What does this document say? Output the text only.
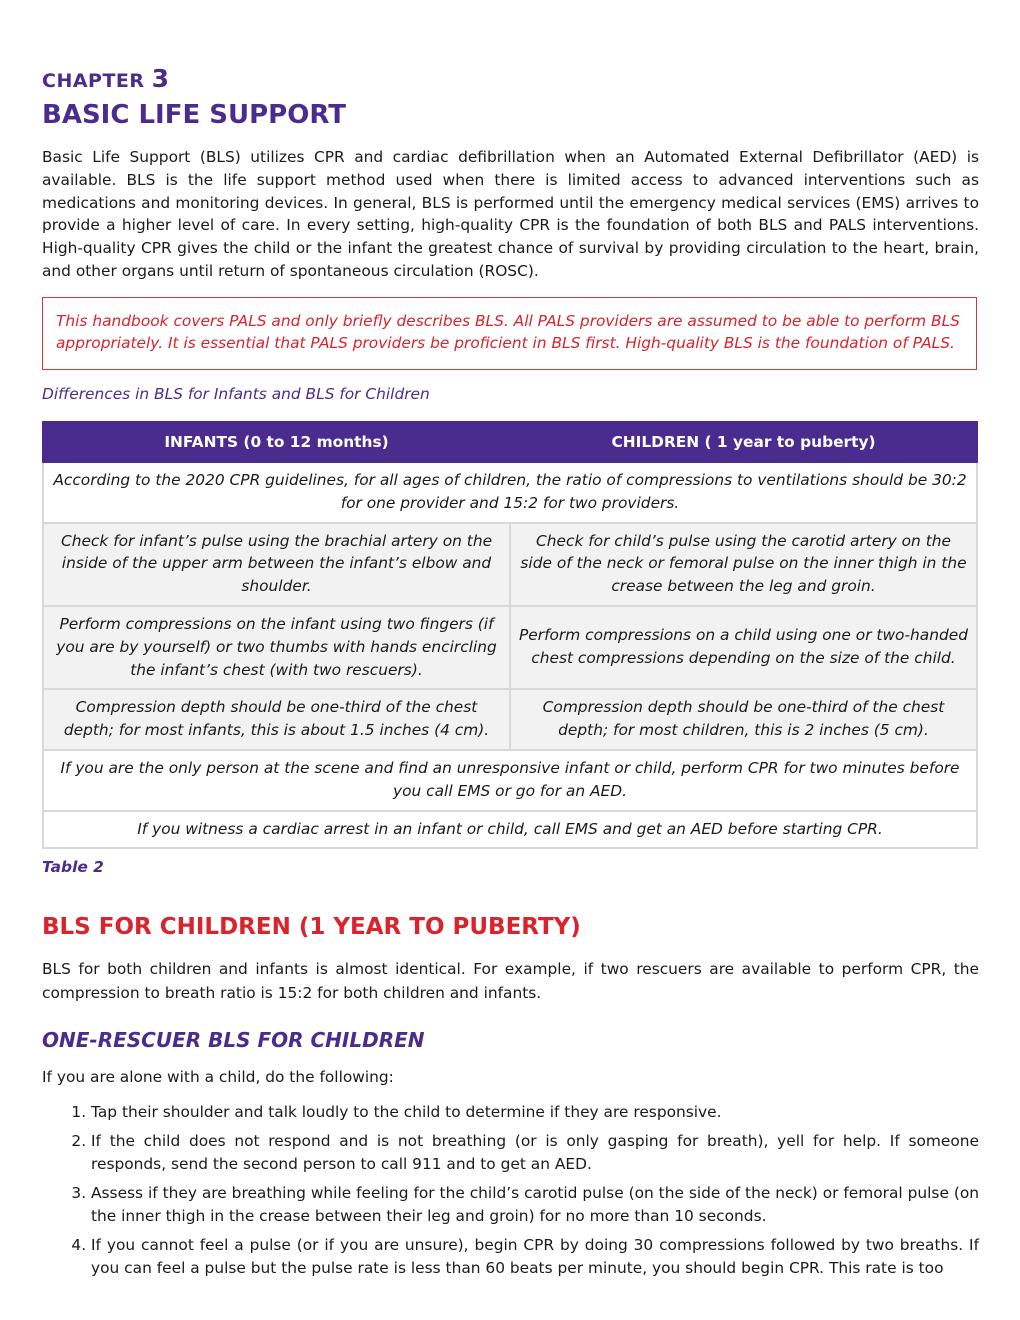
CHAPTER 3
BASIC LIFE SUPPORT

Basic Life Support (BLS) utilizes CPR and cardiac defibrillation when an Automated External Defibrillator (AED) is available. BLS is the life support method used when there is limited access to advanced interventions such as medications and monitoring devices. In general, BLS is performed until the emergency medical services (EMS) arrives to provide a higher level of care. In every setting, high-quality CPR is the foundation of both BLS and PALS interventions. High-quality CPR gives the child or the infant the greatest chance of survival by providing circulation to the heart, brain, and other organs until return of spontaneous circulation (ROSC).

This handbook covers PALS and only briefly describes BLS. All PALS providers are assumed to be able to perform BLS appropriately. It is essential that PALS providers be proficient in BLS first. High-quality BLS is the foundation of PALS.
Differences in BLS for Infants and BLS for Children
INFANTS (0 to 12 months)	CHILDREN ( 1 year to puberty)
According to the 2020 CPR guidelines, for all ages of children, the ratio of compressions to ventilations should be 30:2 for one provider and 15:2 for two providers.	
Check for infant’s pulse using the brachial artery on the inside of the upper arm between the infant’s elbow and shoulder.	Check for child’s pulse using the carotid artery on the side of the neck or femoral pulse on the inner thigh in the crease between the leg and groin.
Perform compressions on the infant using two fingers (if you are by yourself) or two thumbs with hands encircling the infant’s chest (with two rescuers).	Perform compressions on a child using one or two-handed chest compressions depending on the size of the child.
Compression depth should be one-third of the chest depth; for most infants, this is about 1.5 inches (4 cm).	Compression depth should be one-third of the chest depth; for most children, this is 2 inches (5 cm).
If you are the only person at the scene and find an unresponsive infant or child, perform CPR for two minutes before you call EMS or go for an AED.	
If you witness a cardiac arrest in an infant or child, call EMS and get an AED before starting CPR.	
Table 2
BLS FOR CHILDREN (1 YEAR TO PUBERTY)

BLS for both children and infants is almost identical. For example, if two rescuers are available to perform CPR, the compression to breath ratio is 15:2 for both children and infants.

ONE-RESCUER BLS FOR CHILDREN

If you are alone with a child, do the following:

1. Tap their shoulder and talk loudly to the child to determine if they are responsive.
2. If the child does not respond and is not breathing (or is only gasping for breath), yell for help. If someone responds, send the second person to call 911 and to get an AED.
3. Assess if they are breathing while feeling for the child’s carotid pulse (on the side of the neck) or femoral pulse (on the inner thigh in the crease between their leg and groin) for no more than 10 seconds.
4. If you cannot feel a pulse (or if you are unsure), begin CPR by doing 30 compressions followed by two breaths. If you can feel a pulse but the pulse rate is less than 60 beats per minute, you should begin CPR. This rate is too
